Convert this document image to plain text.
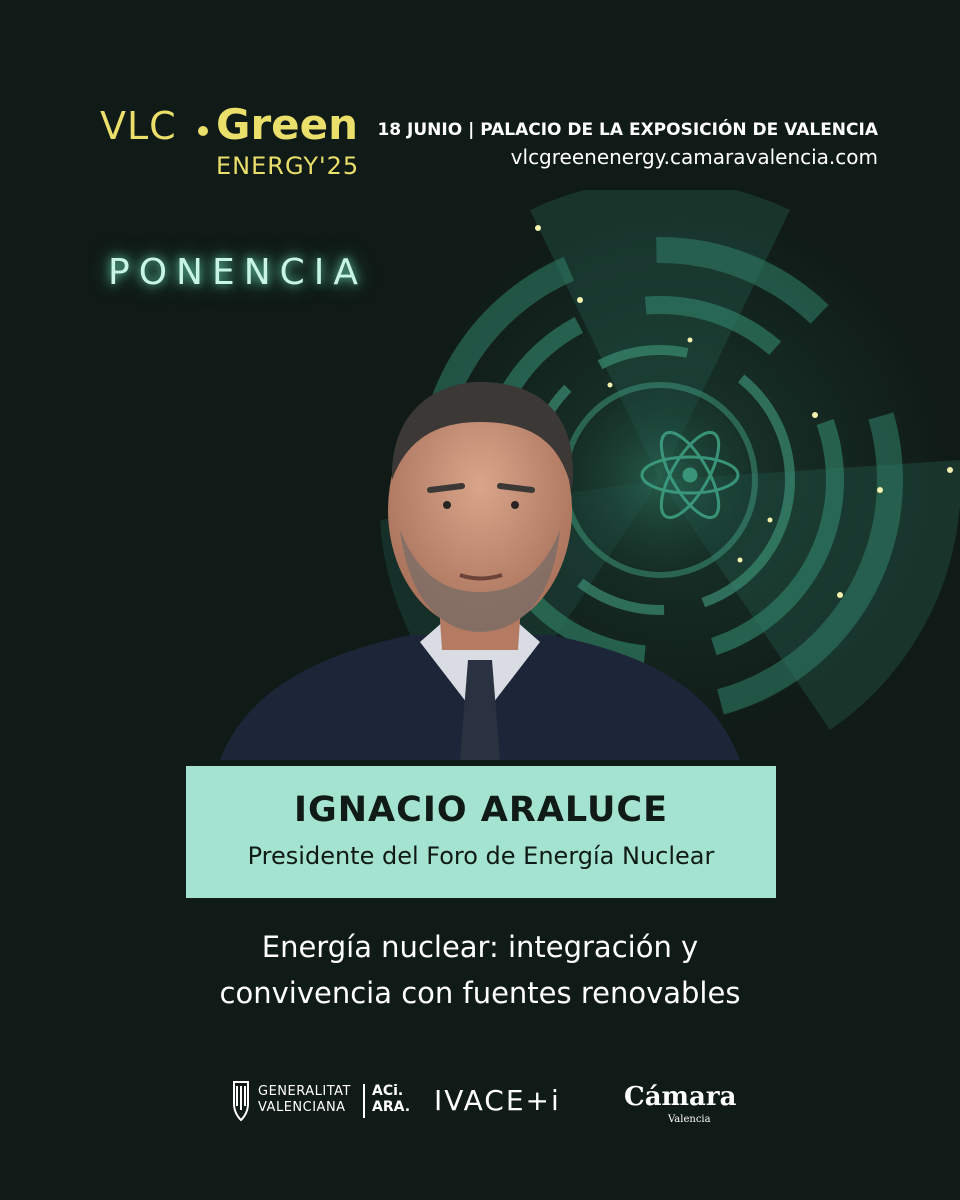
VLC Green
ENERGY'25
18 JUNIO | PALACIO DE LA EXPOSICIÓN DE VALENCIA
vlcgreenenergy.camaravalencia.com
PONENCIA
IGNACIO ARALUCE
Presidente del Foro de Energía Nuclear
Energía nuclear: integración y
convivencia con fuentes renovables
GENERALITAT
VALENCIANA
ACi.
ARA. IVACE+i Cámara
Valencia
